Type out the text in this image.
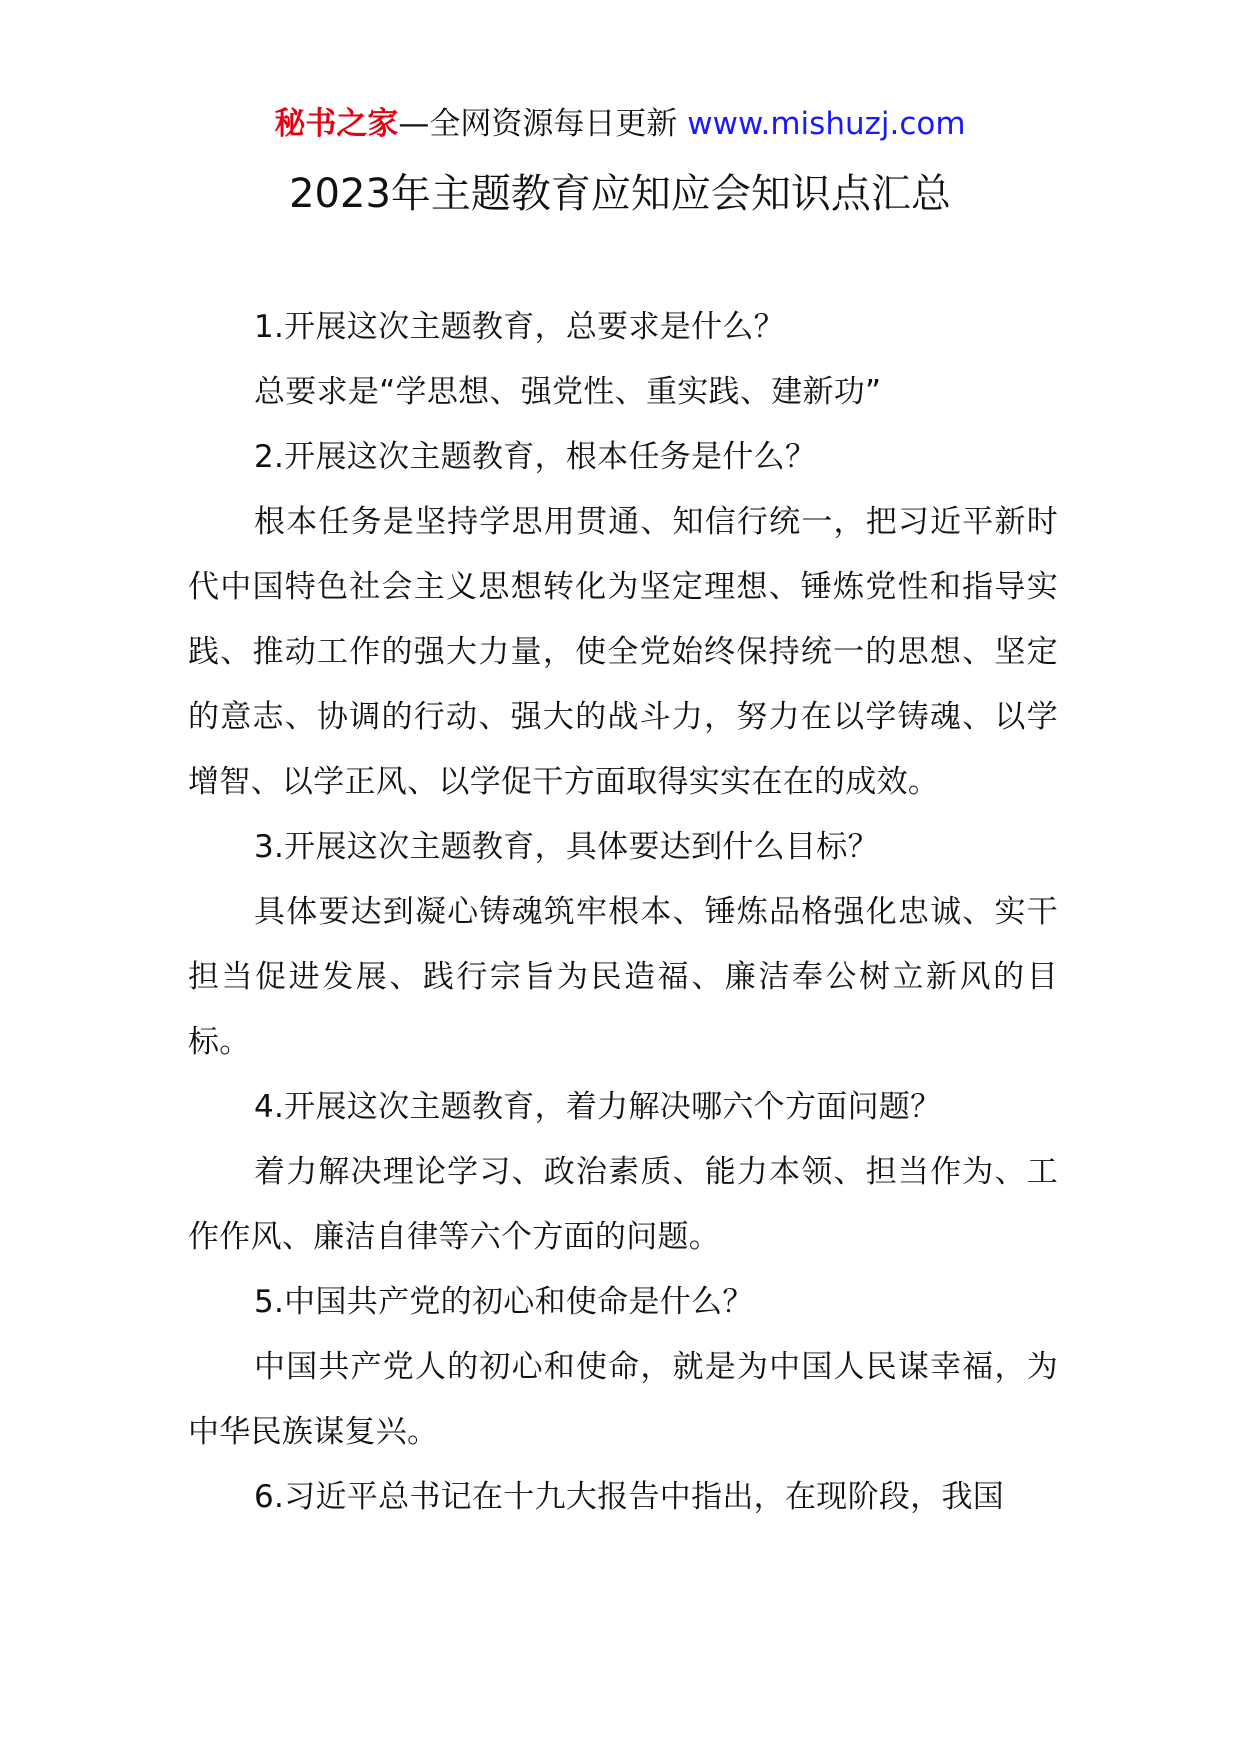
秘书之家—全网资源每日更新 www.mishuzj.com
2023年主题教育应知应会知识点汇总

1.开展这次主题教育，总要求是什么？

总要求是“学思想、强党性、重实践、建新功”

2.开展这次主题教育，根本任务是什么？

根本任务是坚持学思用贯通、知信行统一，把习近平新时代中国特色社会主义思想转化为坚定理想、锤炼党性和指导实践、推动工作的强大力量，使全党始终保持统一的思想、坚定的意志、协调的行动、强大的战斗力，努力在以学铸魂、以学增智、以学正风、以学促干方面取得实实在在的成效。

3.开展这次主题教育，具体要达到什么目标？

具体要达到凝心铸魂筑牢根本、锤炼品格强化忠诚、实干担当促进发展、践行宗旨为民造福、廉洁奉公树立新风的目标。

4.开展这次主题教育，着力解决哪六个方面问题？

着力解决理论学习、政治素质、能力本领、担当作为、工作作风、廉洁自律等六个方面的问题。

5.中国共产党的初心和使命是什么？

中国共产党人的初心和使命，就是为中国人民谋幸福，为中华民族谋复兴。

6.习近平总书记在十九大报告中指出，在现阶段，我国
